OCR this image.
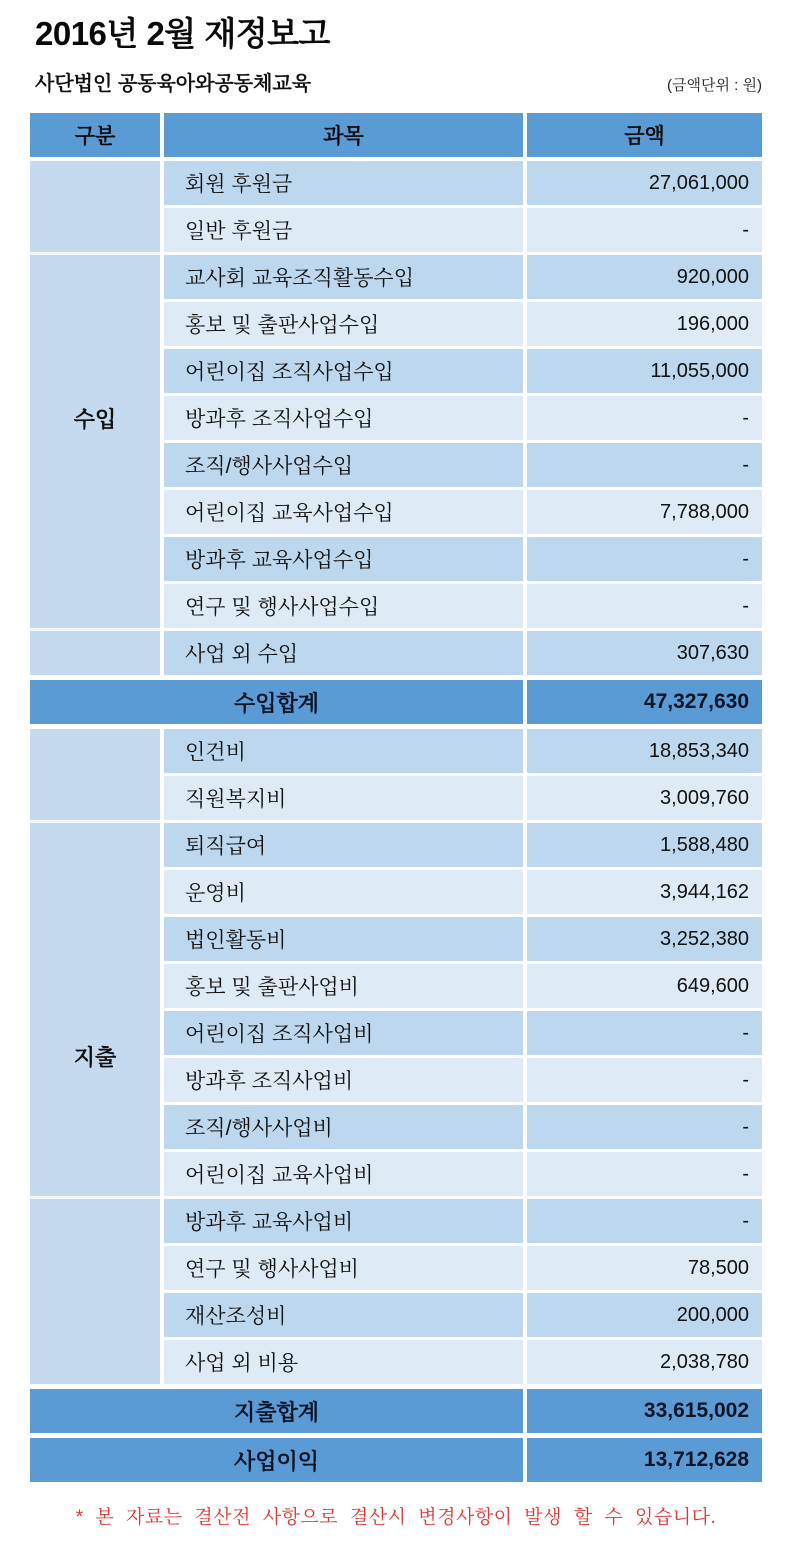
2016년 2월 재정보고
사단법인 공동육아와공동체교육	(금액단위 : 원)
구분	과목	금액
수입
회원 후원금	27,061,000
일반 후원금	-
교사회 교육조직활동수입	920,000
홍보 및 출판사업수입	196,000
어린이집 조직사업수입	11,055,000
방과후 조직사업수입	-
조직/행사사업수입	-
어린이집 교육사업수입	7,788,000
방과후 교육사업수입	-
연구 및 행사사업수입	-
사업 외 수입	307,630
수입합계	47,327,630
지출
인건비	18,853,340
직원복지비	3,009,760
퇴직급여	1,588,480
운영비	3,944,162
법인활동비	3,252,380
홍보 및 출판사업비	649,600
어린이집 조직사업비	-
방과후 조직사업비	-
조직/행사사업비	-
어린이집 교육사업비	-
방과후 교육사업비	-
연구 및 행사사업비	78,500
재산조성비	200,000
사업 외 비용	2,038,780
지출합계	33,615,002
사업이익	13,712,628
* 본 자료는 결산전 사항으로 결산시 변경사항이 발생 할 수 있습니다.
